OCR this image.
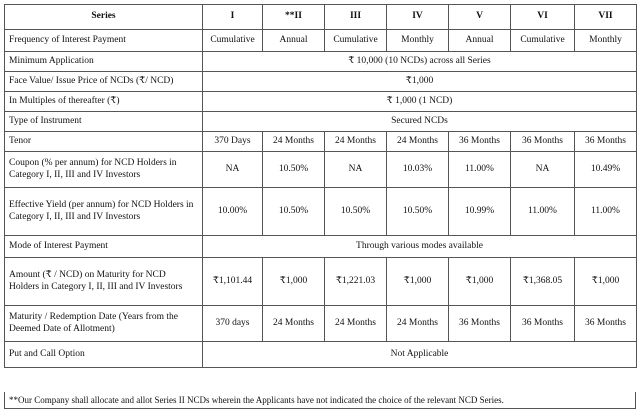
Series	I	**II	III	IV	V	VI	VII
Frequency of Interest Payment	Cumulative	Annual	Cumulative	Monthly	Annual	Cumulative	Monthly
Minimum Application	₹ 10,000 (10 NCDs) across all Series						
Face Value/ Issue Price of NCDs (₹/ NCD)	₹1,000						
In Multiples of thereafter (₹)	₹ 1,000 (1 NCD)						
Type of Instrument	Secured NCDs						
Tenor	370 Days	24 Months	24 Months	24 Months	36 Months	36 Months	36 Months
Coupon (% per annum) for NCD Holders in Category I, II, III and IV Investors	NA	10.50%	NA	10.03%	11.00%	NA	10.49%
Effective Yield (per annum) for NCD Holders in Category I, II, III and IV Investors	10.00%	10.50%	10.50%	10.50%	10.99%	11.00%	11.00%
Mode of Interest Payment	Through various modes available						
Amount (₹ / NCD) on Maturity for NCD Holders in Category I, II, III and IV Investors	₹1,101.44	₹1,000	₹1,221.03	₹1,000	₹1,000	₹1,368.05	₹1,000
Maturity / Redemption Date (Years from the Deemed Date of Allotment)	370 days	24 Months	24 Months	24 Months	36 Months	36 Months	36 Months
Put and Call Option	Not Applicable						
**Our Company shall allocate and allot Series II NCDs wherein the Applicants have not indicated the choice of the relevant NCD Series.
